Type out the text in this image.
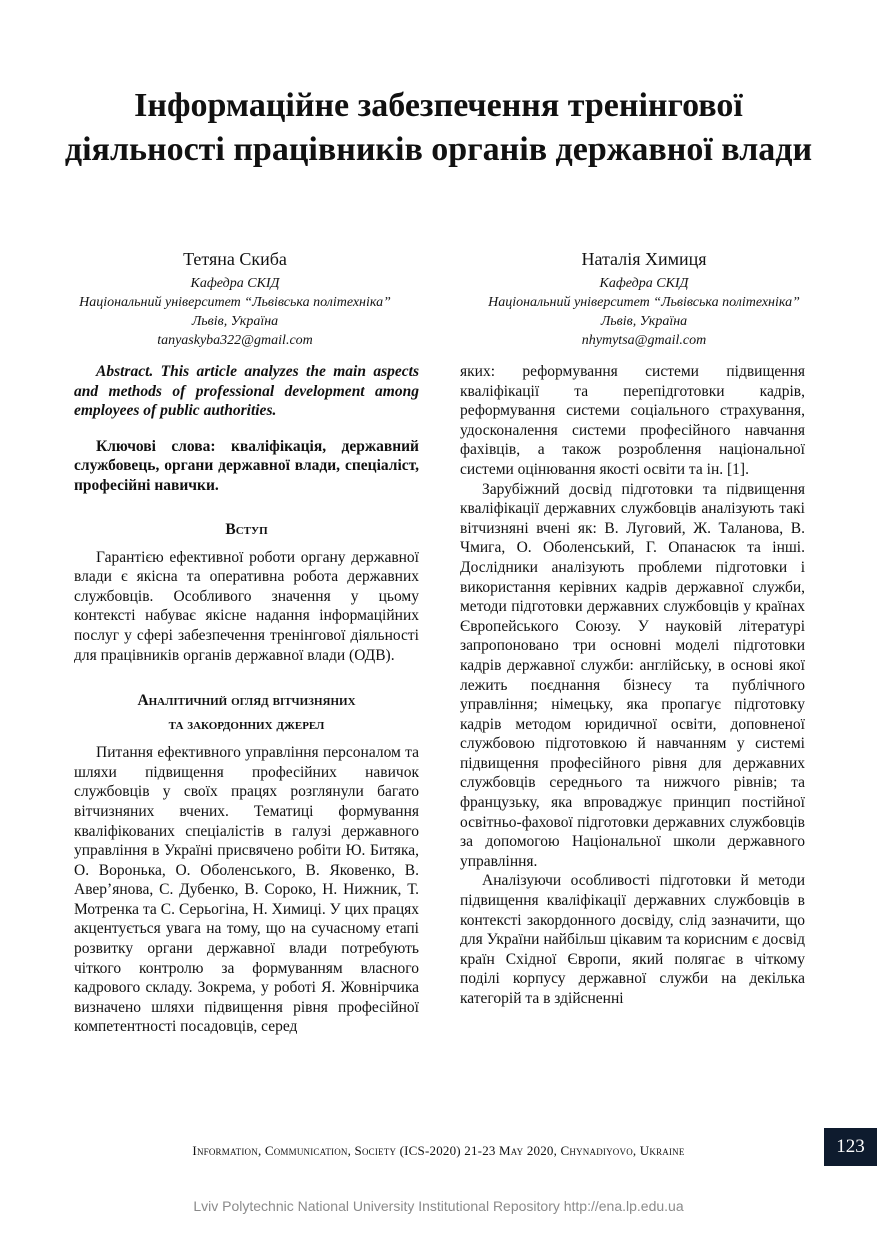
Інформаційне забезпечення тренінгової діяльності працівників органів державної влади
Тетяна Скиба
Кафедра СКІД
Національний університет “Львівська політехніка”
Львів, Україна
tanyaskyba322@gmail.com
Наталія Химиця
Кафедра СКІД
Національний університет “Львівська політехніка”
Львів, Україна
nhymytsa@gmail.com

Abstract. This article analyzes the main aspects and methods of professional development among employees of public authorities.

Ключові слова: кваліфікація, державний службовець, органи державної влади, спеціаліст, професійні навички.

Вступ

Гарантією ефективної роботи органу державної влади є якісна та оперативна робота державних службовців. Особливого значення у цьому контексті набуває якісне надання інформаційних послуг у сфері забезпечення тренінгової діяльності для працівників органів державної влади (ОДВ).

Аналітичний огляд вітчизняних
та закордонних джерел

Питання ефективного управління персоналом та шляхи підвищення професійних навичок службовців у своїх працях розглянули багато вітчизняних вчених. Тематиці формування кваліфікованих спеціалістів в галузі державного управління в Україні присвячено робіти Ю. Битяка, О. Воронька, О. Оболенського, В. Яковенко, В. Авер’янова, С. Дубенко, В. Сороко, Н. Нижник, Т. Мотренка та С. Серьогіна, Н. Химиці. У цих працях акцентується увага на тому, що на сучасному етапі розвитку органи державної влади потребують чіткого контролю за формуванням власного кадрового складу. Зокрема, у роботі Я. Жовнірчика визначено шляхи підвищення рівня професійної компетентності посадовців, серед

яких: реформування системи підвищення кваліфікації та перепідготовки кадрів, реформування системи соціального страхування, удосконалення системи професійного навчання фахівців, а також розроблення національної системи оцінювання якості освіти та ін. [1].

Зарубіжний досвід підготовки та підвищення кваліфікації державних службовців аналізують такі вітчизняні вчені як: В. Луговий, Ж. Таланова, В. Чмига, О. Оболенський, Г. Опанасюк та інші. Дослідники аналізують проблеми підготовки і використання керівних кадрів державної служби, методи підготовки державних службовців у країнах Європейського Союзу. У науковій літературі запропоновано три основні моделі підготовки кадрів державної служби: англійську, в основі якої лежить поєднання бізнесу та публічного управління; німецьку, яка пропагує підготовку кадрів методом юридичної освіти, доповненої службовою підготовкою й навчанням у системі підвищення професійного рівня для державних службовців середнього та нижчого рівнів; та французьку, яка впроваджує принцип постійної освітньо-фахової підготовки державних службовців за допомогою Національної школи державного управління.

Аналізуючи особливості підготовки й методи підвищення кваліфікації державних службовців в контексті закордонного досвіду, слід зазначити, що для України найбільш цікавим та корисним є досвід країн Східної Європи, який полягає в чіткому поділі корпусу державної служби на декілька категорій та в здійсненні

Information, Communication, Society (ICS-2020) 21-23 May 2020, Chynadiyovo, Ukraine	123
Lviv Polytechnic National University Institutional Repository http://ena.lp.edu.ua
